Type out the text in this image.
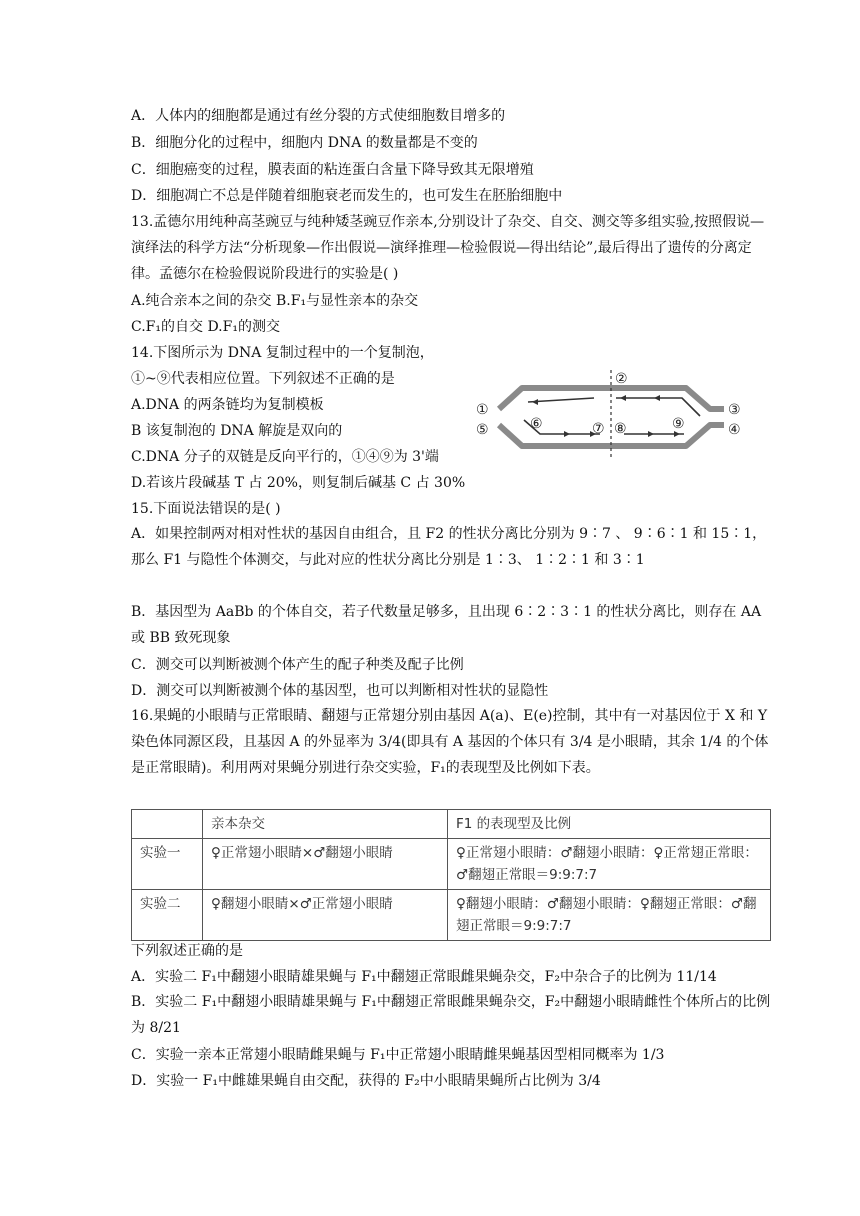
A．人体内的细胞都是通过有丝分裂的方式使细胞数目增多的
B．细胞分化的过程中，细胞内 DNA 的数量都是不变的
C．细胞癌变的过程，膜表面的粘连蛋白含量下降导致其无限增殖
D．细胞凋亡不总是伴随着细胞衰老而发生的，也可发生在胚胎细胞中
13.孟德尔用纯种高茎豌豆与纯种矮茎豌豆作亲本,分别设计了杂交、自交、测交等多组实验,按照假说—演绎法的科学方法“分析现象—作出假说—演绎推理—检验假说—得出结论”,最后得出了遗传的分离定律。孟德尔在检验假说阶段进行的实验是( )
A.纯合亲本之间的杂交 B.F₁与显性亲本的杂交
C.F₁的自交 D.F₁的测交
14.下图所示为 DNA 复制过程中的一个复制泡，
①~⑨代表相应位置。下列叙述不正确的是
A.DNA 的两条链均为复制模板
B 该复制泡的 DNA 解旋是双向的
C.DNA 分子的双链是反向平行的，①④⑨为 3'端
D.若该片段碱基 T 占 20%，则复制后碱基 C 占 30%
①
②
③
④
⑤	⑥	⑦ ⑧	⑨
15.下面说法错误的是( )
A．如果控制两对相对性状的基因自由组合，且 F2 的性状分离比分别为 9∶7 、 9∶6∶1 和 15∶1，那么 F1 与隐性个体测交，与此对应的性状分离比分别是 1∶3、 1∶2∶1 和 3∶1
B．基因型为 AaBb 的个体自交，若子代数量足够多，且出现 6∶2∶3∶1 的性状分离比，则存在 AA 或 BB 致死现象
C．测交可以判断被测个体产生的配子种类及配子比例
D．测交可以判断被测个体的基因型，也可以判断相对性状的显隐性
16.果蝇的小眼睛与正常眼睛、翻翅与正常翅分别由基因 A(a)、E(e)控制，其中有一对基因位于 X 和 Y 染色体同源区段，且基因 A 的外显率为 3/4(即具有 A 基因的个体只有 3/4 是小眼睛，其余 1/4 的个体是正常眼睛)。利用两对果蝇分别进行杂交实验，F₁的表现型及比例如下表。
	亲本杂交	F1 的表现型及比例
实验一	♀正常翅小眼睛×♂翻翅小眼睛	♀正常翅小眼睛：♂翻翅小眼睛：♀正常翅正常眼：♂翻翅正常眼＝9:9:7:7
实验二	♀翻翅小眼睛×♂正常翅小眼睛	♀翻翅小眼睛：♂翻翅小眼睛：♀翻翅正常眼：♂翻翅正常眼＝9:9:7:7
下列叙述正确的是
A．实验二 F₁中翻翅小眼睛雄果蝇与 F₁中翻翅正常眼雌果蝇杂交，F₂中杂合子的比例为 11/14
B．实验二 F₁中翻翅小眼睛雄果蝇与 F₁中翻翅正常眼雌果蝇杂交，F₂中翻翅小眼睛雌性个体所占的比例为 8/21
C．实验一亲本正常翅小眼睛雌果蝇与 F₁中正常翅小眼睛雌果蝇基因型相同概率为 1/3
D．实验一 F₁中雌雄果蝇自由交配，获得的 F₂中小眼睛果蝇所占比例为 3/4
